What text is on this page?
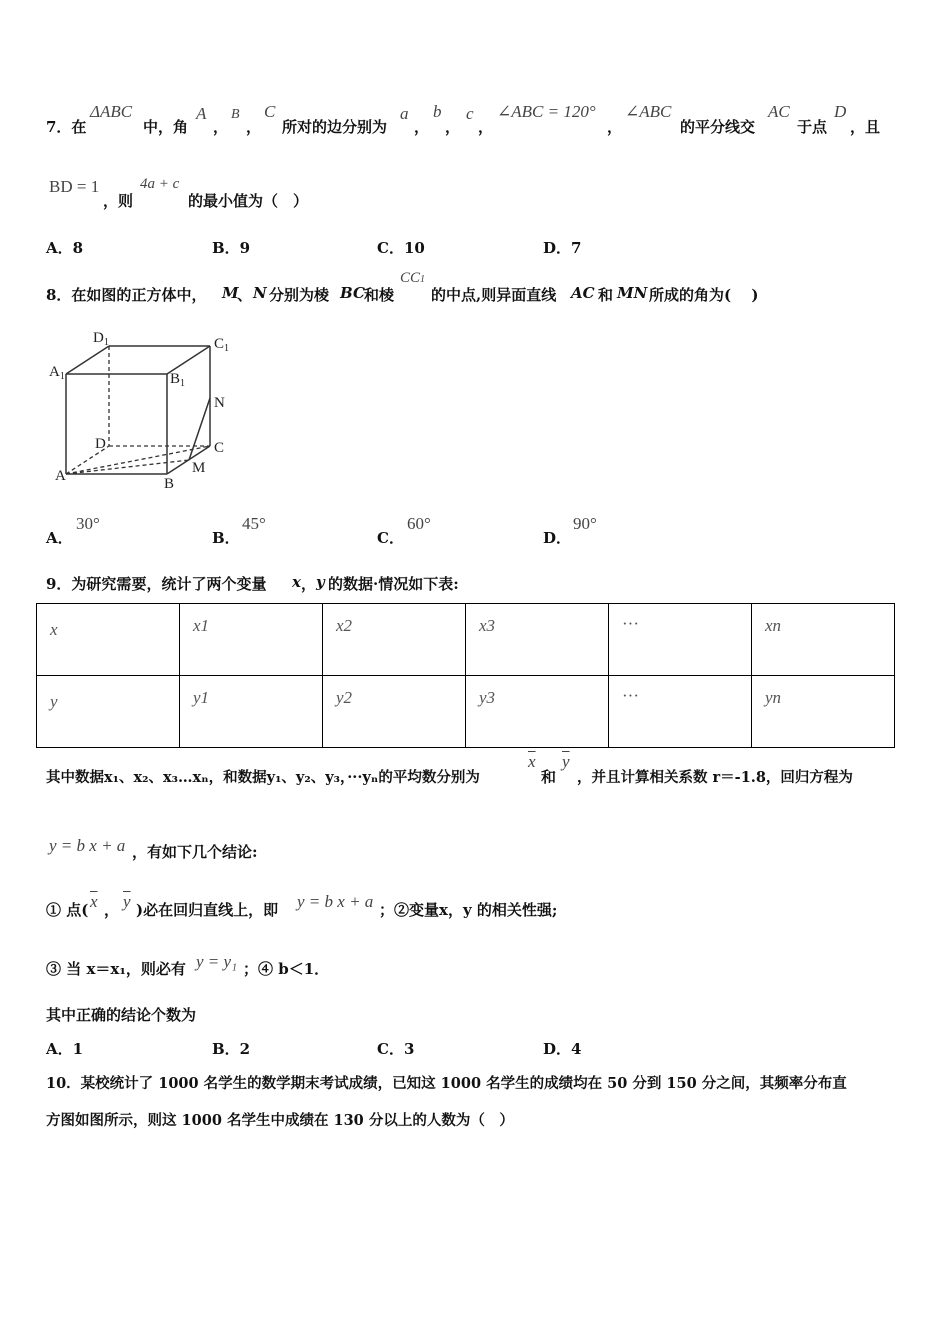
7．在
ΔABC
中，角
A
，
B
，
C
所对的边分别为
a
，
b
，
c
，
∠ABC = 120°
，
∠ABC
的平分线交
AC
于点
D
，且
BD = 1
，则
4a + c
的最小值为（　）
A．8	B．9	C．10	D．7
8．在如图的正方体中， M
、 N 分别为棱 BC 和棱
CC1
的中点,则异面直线 AC 和 MN 所成的角为(　 )
$D_1$	$C_1$
$A_1$	$B_1$
N
D	C
A	B
M
A．
30°
B．
45°
C．
60°
D．
90°
9．为研究需要，统计了两个变量 x ， y 的数据·情况如下表:
x	x1	x2	x3	···	xn

y	y1	y2	y3	···	yn
其中数据x₁、x₂、x₃…xₙ，和数据y₁、y₂、y₃，···yₙ的平均数分别为
$\overline{x}$
和
$\overline{y}$
，并且计算相关系数 r＝-1.8，回归方程为
y = b x + a ，有如下几个结论:
① 点( $\overline{x}$ ， $\overline{y}$ )必在回归直线上，即 y = b x + a ；②变量x，y 的相关性强;
③ 当 x＝x₁，则必有 y = y₁ ；④ b＜1．
其中正确的结论个数为
A．1	B．2	C．3	D．4
10．某校统计了 1000 名学生的数学期末考试成绩，已知这 1000 名学生的成绩均在 50 分到 150 分之间，其频率分布直
方图如图所示，则这 1000 名学生中成绩在 130 分以上的人数为（　）
